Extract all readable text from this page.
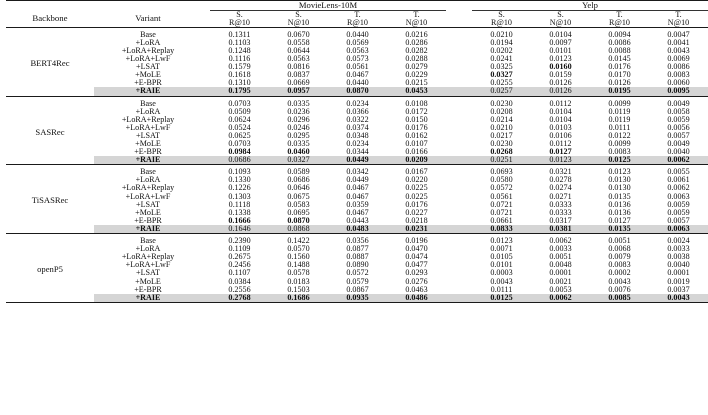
			MovieLens-10M					Yelp			

Backbone	Variant		S.	S.	T.	T.		S.	S.	T.	T.
			R@10	N@10	R@10	N@10		R@10	N@10	R@10	N@10

BERT4Rec	Base		0.1311	0.0670	0.0440	0.0216		0.0210	0.0104	0.0094	0.0047
	+LoRA		0.1103	0.0558	0.0569	0.0286		0.0194	0.0097	0.0086	0.0041
	+LoRA+Replay		0.1248	0.0644	0.0563	0.0282		0.0202	0.0101	0.0088	0.0043
	+LoRA+LwF		0.1116	0.0563	0.0573	0.0288		0.0241	0.0123	0.0145	0.0069
	+LSAT		0.1579	0.0816	0.0561	0.0279		0.0325	0.0160	0.0176	0.0086
	+MoLE		0.1618	0.0837	0.0467	0.0229		0.0327	0.0159	0.0170	0.0083
	+E-BPR		0.1310	0.0669	0.0440	0.0215		0.0255	0.0126	0.0126	0.0060
	+RAIE		0.1795	0.0957	0.0870	0.0453		0.0257	0.0126	0.0195	0.0095

SASRec	Base		0.0703	0.0335	0.0234	0.0108		0.0230	0.0112	0.0099	0.0049
	+LoRA		0.0509	0.0236	0.0366	0.0172		0.0208	0.0104	0.0119	0.0058
	+LoRA+Replay		0.0624	0.0296	0.0322	0.0150		0.0214	0.0104	0.0119	0.0059
	+LoRA+LwF		0.0524	0.0246	0.0374	0.0176		0.0210	0.0103	0.0111	0.0056
	+LSAT		0.0625	0.0295	0.0348	0.0162		0.0217	0.0106	0.0122	0.0057
	+MoLE		0.0703	0.0335	0.0234	0.0107		0.0230	0.0112	0.0099	0.0049
	+E-BPR		0.0984	0.0460	0.0344	0.0166		0.0268	0.0127	0.0083	0.0040
	+RAIE		0.0686	0.0327	0.0449	0.0209		0.0251	0.0123	0.0125	0.0062

TiSASRec	Base		0.1093	0.0589	0.0342	0.0167		0.0693	0.0321	0.0123	0.0055
	+LoRA		0.1330	0.0686	0.0449	0.0220		0.0580	0.0278	0.0130	0.0061
	+LoRA+Replay		0.1226	0.0646	0.0467	0.0225		0.0572	0.0274	0.0130	0.0062
	+LoRA+LwF		0.1303	0.0675	0.0467	0.0225		0.0561	0.0271	0.0135	0.0063
	+LSAT		0.1118	0.0583	0.0359	0.0176		0.0721	0.0333	0.0136	0.0059
	+MoLE		0.1338	0.0695	0.0467	0.0227		0.0721	0.0333	0.0136	0.0059
	+E-BPR		0.1666	0.0870	0.0443	0.0218		0.0661	0.0317	0.0127	0.0057
	+RAIE		0.1646	0.0868	0.0483	0.0231		0.0833	0.0381	0.0135	0.0063

openP5	Base		0.2390	0.1422	0.0356	0.0196		0.0123	0.0062	0.0051	0.0024
	+LoRA		0.1109	0.0570	0.0877	0.0470		0.0071	0.0033	0.0068	0.0033
	+LoRA+Replay		0.2675	0.1560	0.0887	0.0474		0.0105	0.0051	0.0079	0.0038
	+LoRA+LwF		0.2456	0.1488	0.0890	0.0477		0.0101	0.0048	0.0083	0.0040
	+LSAT		0.1107	0.0578	0.0572	0.0293		0.0003	0.0001	0.0002	0.0001
	+MoLE		0.0384	0.0183	0.0579	0.0276		0.0043	0.0021	0.0043	0.0019
	+E-BPR		0.2556	0.1503	0.0867	0.0463		0.0111	0.0053	0.0076	0.0037
	+RAIE		0.2768	0.1686	0.0935	0.0486		0.0125	0.0062	0.0085	0.0043
